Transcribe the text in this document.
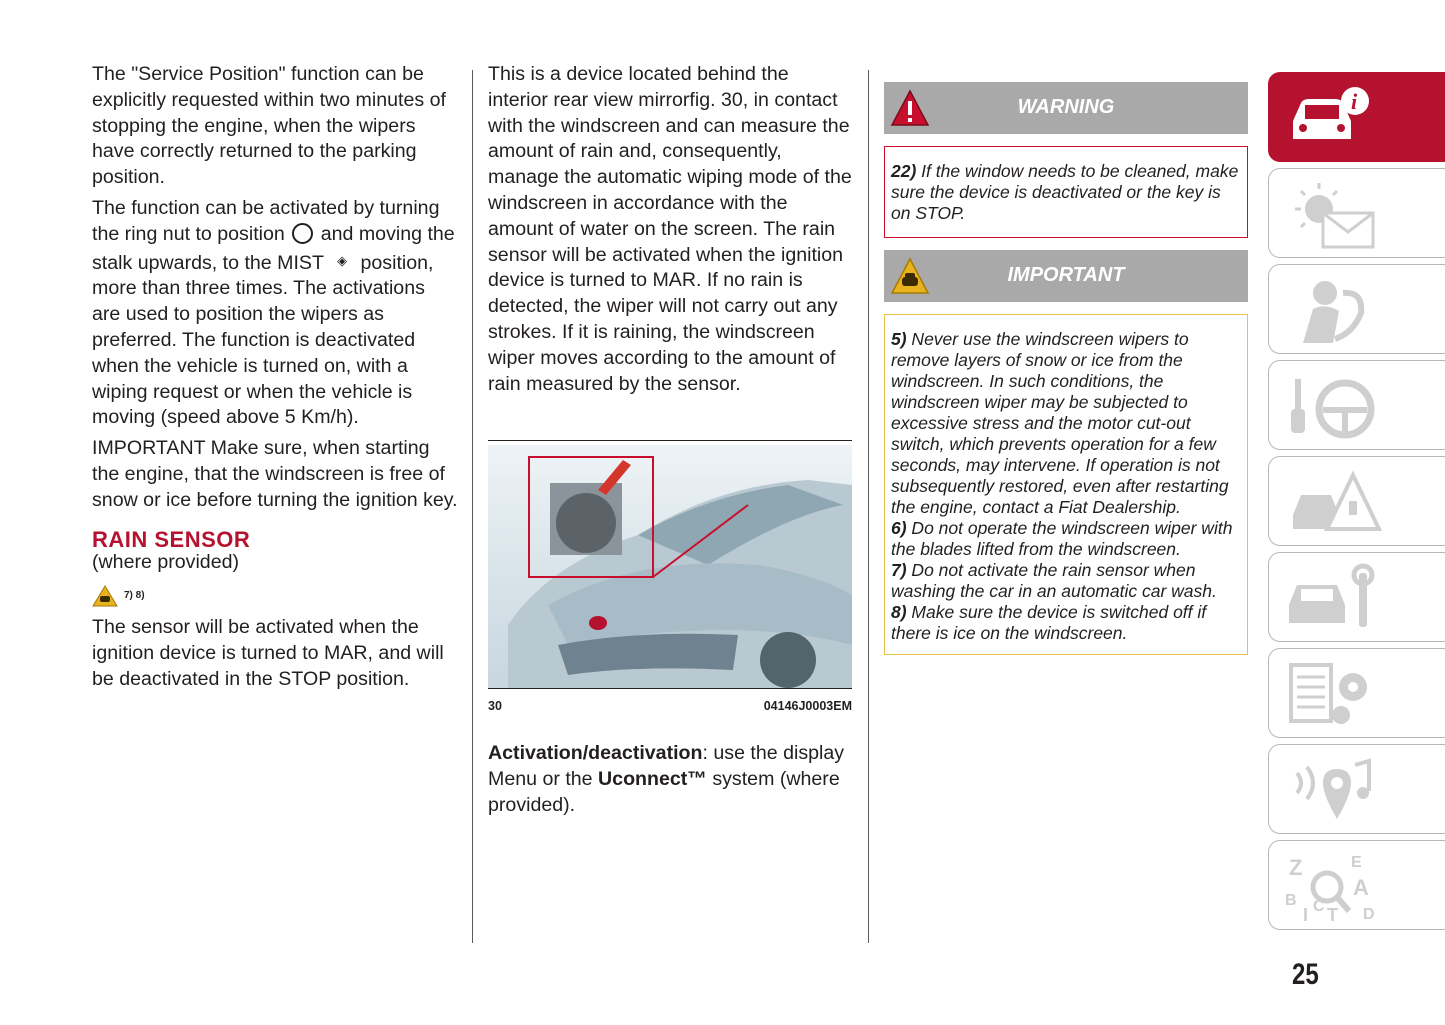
The "Service Position" function can be explicitly requested within two minutes of stopping the engine, when the wipers have correctly returned to the parking position.

The function can be activated by turning the ring nut to position and moving the stalk upwards, to the MIST ◈ position, more than three times. The activations are used to position the wipers as preferred. The function is deactivated when the vehicle is turned on, with a wiping request or when the vehicle is moving (speed above 5 Km/h).

IMPORTANT Make sure, when starting the engine, that the windscreen is free of snow or ice before turning the ignition key.

RAIN SENSOR
(where provided)
7) 8)

The sensor will be activated when the ignition device is turned to MAR, and will be deactivated in the STOP position.

This is a device located behind the interior rear view mirrorfig. 30, in contact with the windscreen and can measure the amount of rain and, consequently, manage the automatic wiping mode of the windscreen in accordance with the amount of water on the screen. The rain sensor will be activated when the ignition device is turned to MAR. If no rain is detected, the wiper will not carry out any strokes. If it is raining, the windscreen wiper moves according to the amount of rain measured by the sensor.

30	04146J0003EM
Activation/deactivation: use the display Menu or the Uconnect™ system (where provided).
WARNING
22) If the window needs to be cleaned, make sure the device is deactivated or the key is on STOP.
IMPORTANT
5) Never use the windscreen wipers to remove layers of snow or ice from the windscreen. In such conditions, the windscreen wiper may be subjected to excessive stress and the motor cut-out switch, which prevents operation for a few seconds, may intervene. If operation is not subsequently restored, even after restarting the engine, contact a Fiat Dealership.
6) Do not operate the windscreen wiper with the blades lifted from the windscreen.
7) Do not activate the rain sensor when washing the car in an automatic car wash.
8) Make sure the device is switched off if there is ice on the windscreen.
i
Z	E
A
B
I C T D
25
